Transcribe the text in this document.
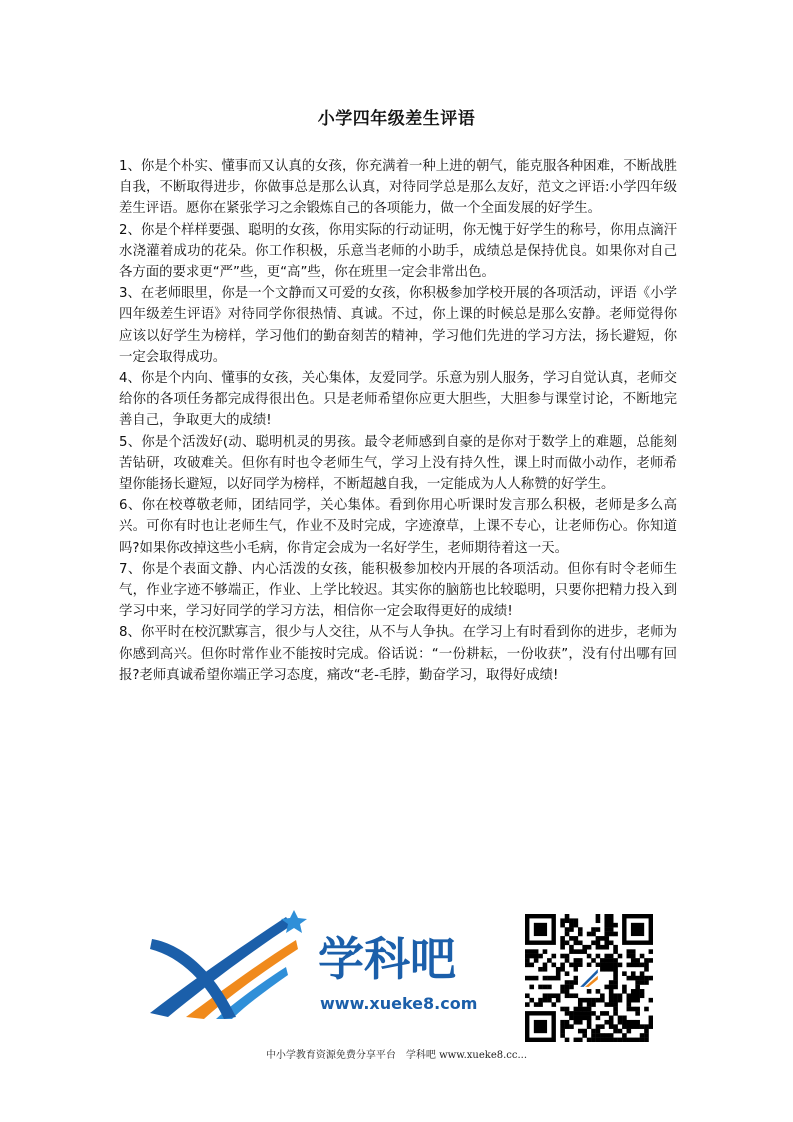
小学四年级差生评语

1、你是个朴实、懂事而又认真的女孩，你充满着一种上进的朝气，能克服各种困难，不断战胜自我，不断取得进步，你做事总是那么认真，对待同学总是那么友好，范文之评语:小学四年级差生评语。愿你在紧张学习之余锻炼自己的各项能力，做一个全面发展的好学生。

2、你是个样样要强、聪明的女孩，你用实际的行动证明，你无愧于好学生的称号，你用点滴汗水浇灌着成功的花朵。你工作积极，乐意当老师的小助手，成绩总是保持优良。如果你对自己各方面的要求更“严”些，更“高”些，你在班里一定会非常出色。

3、在老师眼里，你是一个文静而又可爱的女孩，你积极参加学校开展的各项活动，评语《小学四年级差生评语》对待同学你很热情、真诚。不过，你上课的时候总是那么安静。老师觉得你应该以好学生为榜样，学习他们的勤奋刻苦的精神，学习他们先进的学习方法，扬长避短，你一定会取得成功。

4、你是个内向、懂事的女孩，关心集体，友爱同学。乐意为别人服务，学习自觉认真，老师交给你的各项任务都完成得很出色。只是老师希望你应更大胆些，大胆参与课堂讨论，不断地完善自己，争取更大的成绩!

5、你是个活泼好(动、聪明机灵的男孩。最令老师感到自豪的是你对于数学上的难题，总能刻苦钻研，攻破难关。但你有时也令老师生气，学习上没有持久性，课上时而做小动作，老师希望你能扬长避短，以好同学为榜样，不断超越自我，一定能成为人人称赞的好学生。

6、你在校尊敬老师，团结同学，关心集体。看到你用心听课时发言那么积极，老师是多么高兴。可你有时也让老师生气，作业不及时完成，字迹潦草，上课不专心，让老师伤心。你知道吗?如果你改掉这些小毛病，你肯定会成为一名好学生，老师期待着这一天。

7、你是个表面文静、内心活泼的女孩，能积极参加校内开展的各项活动。但你有时令老师生气，作业字迹不够端正，作业、上学比较迟。其实你的脑筋也比较聪明，只要你把精力投入到学习中来，学习好同学的学习方法，相信你一定会取得更好的成绩!

8、你平时在校沉默寡言，很少与人交往，从不与人争执。在学习上有时看到你的进步，老师为你感到高兴。但你时常作业不能按时完成。俗话说：“一份耕耘，一份收获”，没有付出哪有回报?老师真诚希望你端正学习态度，痛改“老-毛脖，勤奋学习，取得好成绩!

学科吧
www.xueke8.com
中小学教育资源免费分享平台　学科吧 www.xueke8.cc...
